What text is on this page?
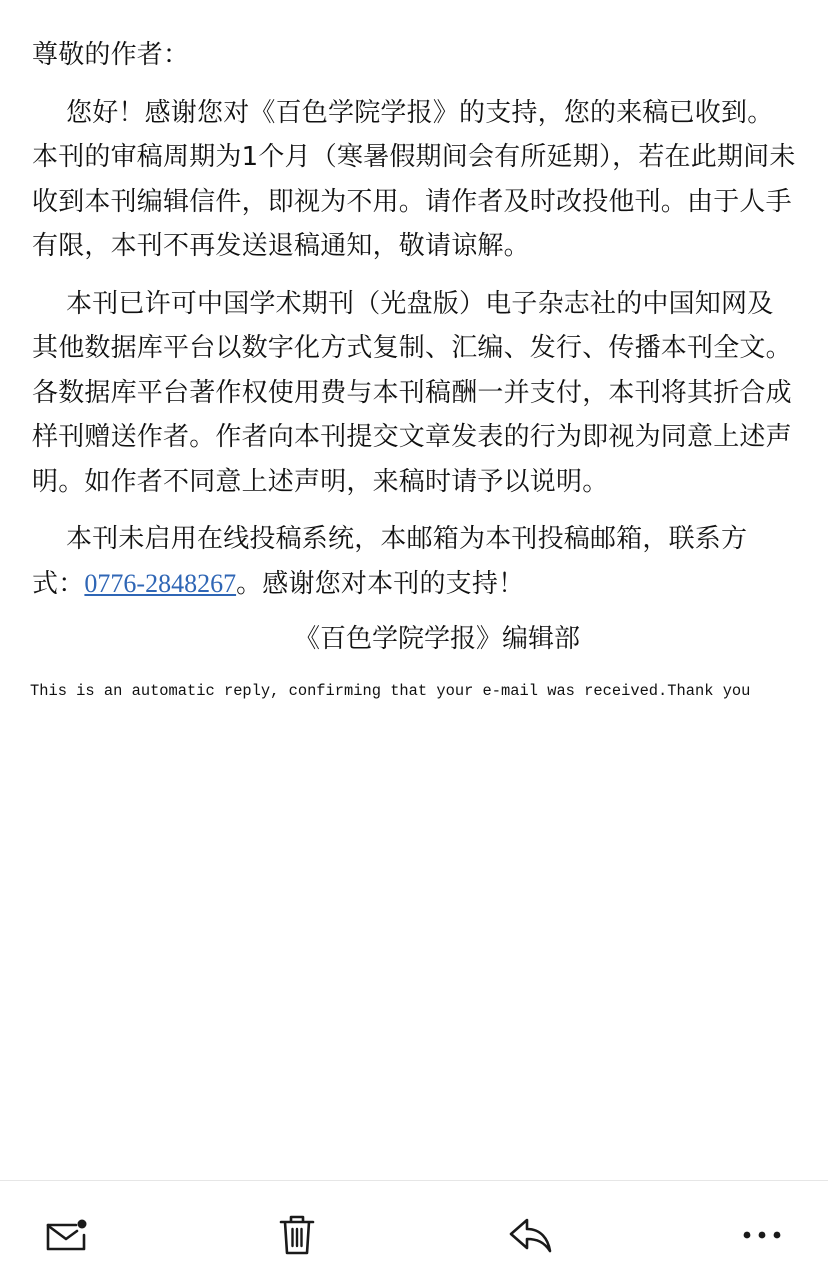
尊敬的作者：

您好！感谢您对《百色学院学报》的支持，您的来稿已收到。本刊的审稿周期为1个月（寒暑假期间会有所延期），若在此期间未收到本刊编辑信件，即视为不用。请作者及时改投他刊。由于人手有限，本刊不再发送退稿通知，敬请谅解。

本刊已许可中国学术期刊（光盘版）电子杂志社的中国知网及其他数据库平台以数字化方式复制、汇编、发行、传播本刊全文。各数据库平台著作权使用费与本刊稿酬一并支付，本刊将其折合成样刊赠送作者。作者向本刊提交文章发表的行为即视为同意上述声明。如作者不同意上述声明，来稿时请予以说明。

本刊未启用在线投稿系统，本邮箱为本刊投稿邮箱，联系方式：0776-2848267。感谢您对本刊的支持！

《百色学院学报》编辑部

This is an automatic reply, confirming that your e-mail was received.Thank you
